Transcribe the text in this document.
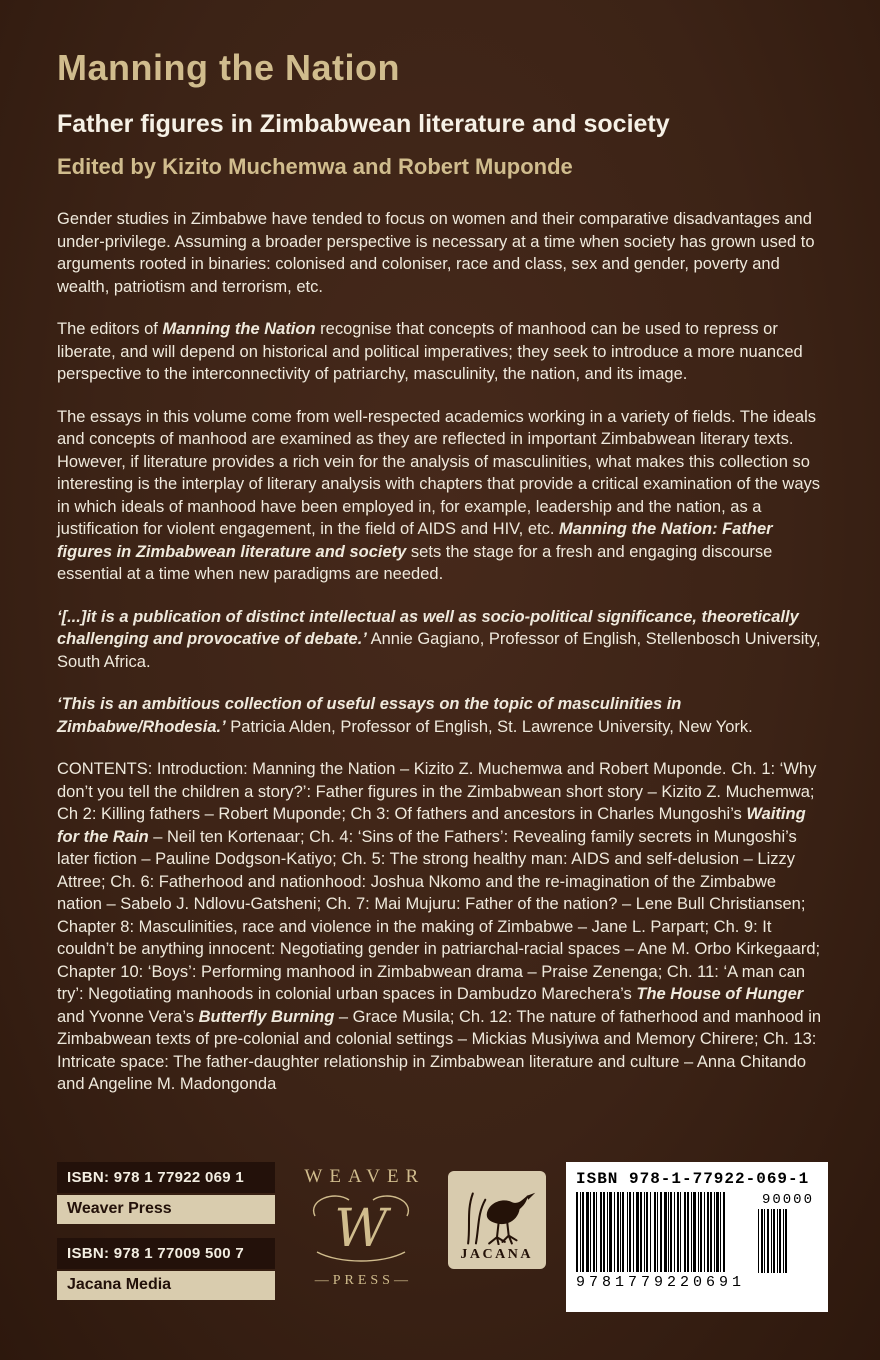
Manning the Nation
Father figures in Zimbabwean literature and society
Edited by Kizito Muchemwa and Robert Muponde

Gender studies in Zimbabwe have tended to focus on women and their comparative disadvantages and under-privilege. Assuming a broader perspective is necessary at a time when society has grown used to arguments rooted in binaries: colonised and coloniser, race and class, sex and gender, poverty and wealth, patriotism and terrorism, etc.

The editors of Manning the Nation recognise that concepts of manhood can be used to repress or liberate, and will depend on historical and political imperatives; they seek to introduce a more nuanced perspective to the interconnectivity of patriarchy, masculinity, the nation, and its image.

The essays in this volume come from well-respected academics working in a variety of fields. The ideals and concepts of manhood are examined as they are reflected in important Zimbabwean literary texts. However, if literature provides a rich vein for the analysis of masculinities, what makes this collection so interesting is the interplay of literary analysis with chapters that provide a critical examination of the ways in which ideals of manhood have been employed in, for example, leadership and the nation, as a justification for violent engagement, in the field of AIDS and HIV, etc. Manning the Nation: Father figures in Zimbabwean literature and society sets the stage for a fresh and engaging discourse essential at a time when new paradigms are needed.

‘[...]it is a publication of distinct intellectual as well as socio-political significance, theoretically challenging and provocative of debate.’ Annie Gagiano, Professor of English, Stellenbosch University, South Africa.

‘This is an ambitious collection of useful essays on the topic of masculinities in Zimbabwe/Rhodesia.’ Patricia Alden, Professor of English, St. Lawrence University, New York.

CONTENTS: Introduction: Manning the Nation – Kizito Z. Muchemwa and Robert Muponde. Ch. 1: ‘Why don’t you tell the children a story?’: Father figures in the Zimbabwean short story – Kizito Z. Muchemwa; Ch 2: Killing fathers – Robert Muponde; Ch 3: Of fathers and ancestors in Charles Mungoshi’s Waiting for the Rain – Neil ten Kortenaar; Ch. 4: ‘Sins of the Fathers’: Revealing family secrets in Mungoshi’s later fiction – Pauline Dodgson-Katiyo; Ch. 5: The strong healthy man: AIDS and self-delusion – Lizzy Attree; Ch. 6: Fatherhood and nationhood: Joshua Nkomo and the re-imagination of the Zimbabwe nation – Sabelo J. Ndlovu-Gatsheni; Ch. 7: Mai Mujuru: Father of the nation? – Lene Bull Christiansen; Chapter 8: Masculinities, race and violence in the making of Zimbabwe – Jane L. Parpart; Ch. 9: It couldn’t be anything innocent: Negotiating gender in patriarchal-racial spaces – Ane M. Orbo Kirkegaard; Chapter 10: ‘Boys’: Performing manhood in Zimbabwean drama – Praise Zenenga; Ch. 11: ‘A man can try’: Negotiating manhoods in colonial urban spaces in Dambudzo Marechera’s The House of Hunger and Yvonne Vera’s Butterfly Burning – Grace Musila; Ch. 12: The nature of fatherhood and manhood in Zimbabwean texts of pre-colonial and colonial settings – Mickias Musiyiwa and Memory Chirere; Ch. 13: Intricate space: The father-daughter relationship in Zimbabwean literature and culture – Anna Chitando and Angeline M. Madongonda

ISBN: 978 1 77922 069 1
Weaver Press
ISBN: 978 1 77009 500 7
Jacana Media
WEAVER
W
—PRESS—
JACANA
ISBN 978-1-77922-069-1
9781779220691
90000
